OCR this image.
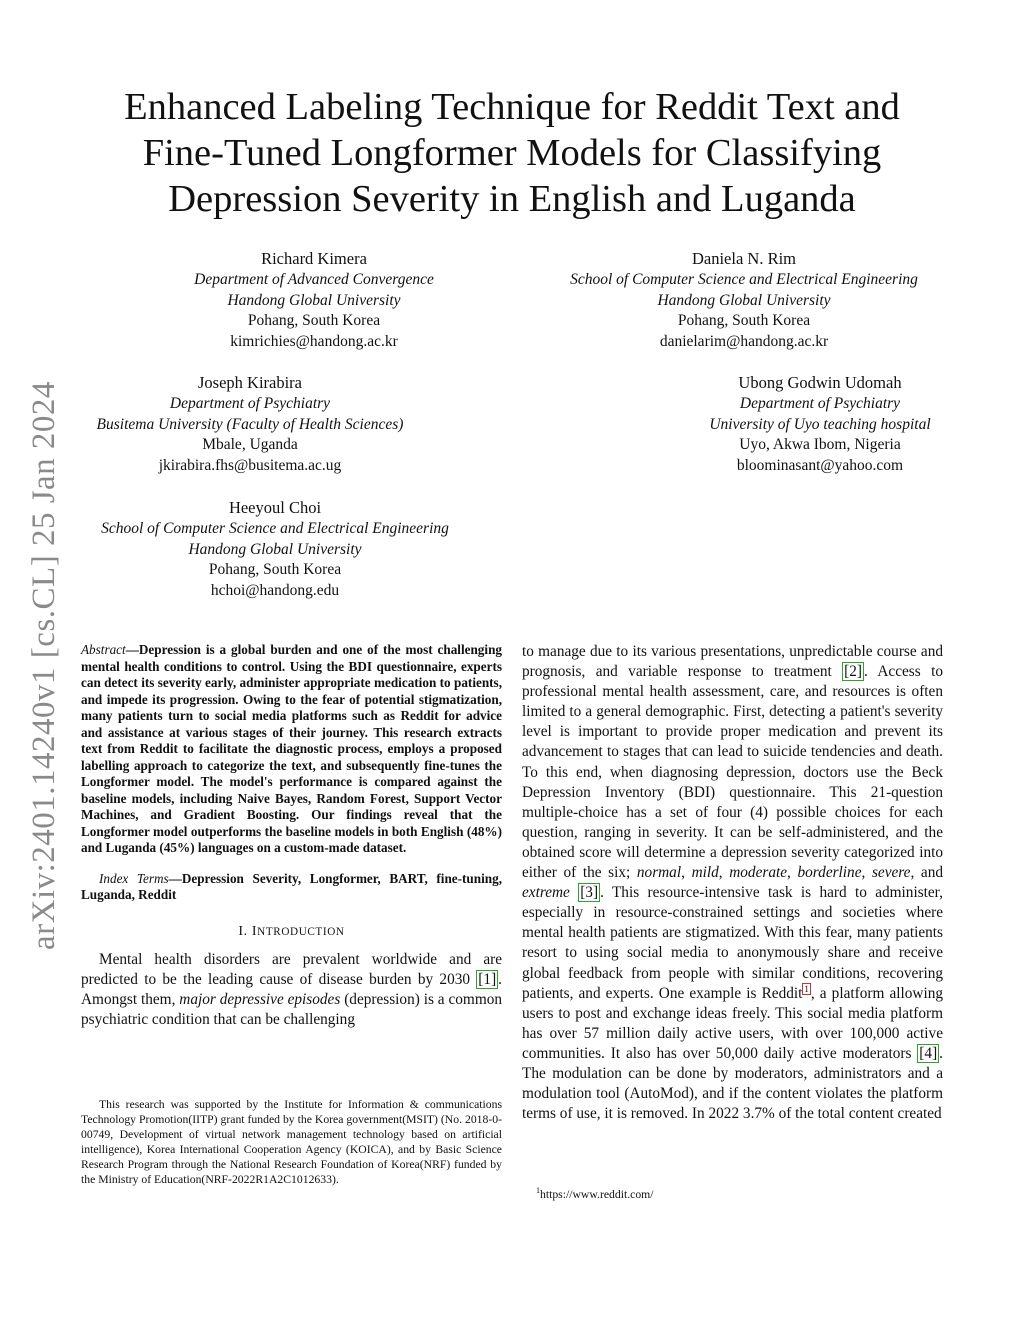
Enhanced Labeling Technique for Reddit Text and
Fine-Tuned Longformer Models for Classifying
Depression Severity in English and Luganda
Richard Kimera
Department of Advanced Convergence
Handong Global University
Pohang, South Korea
kimrichies@handong.ac.kr
Daniela N. Rim
School of Computer Science and Electrical Engineering
Handong Global University
Pohang, South Korea
danielarim@handong.ac.kr
Joseph Kirabira
Department of Psychiatry
Busitema University (Faculty of Health Sciences)
Mbale, Uganda
jkirabira.fhs@busitema.ac.ug
Ubong Godwin Udomah
Department of Psychiatry
University of Uyo teaching hospital
Uyo, Akwa Ibom, Nigeria
bloominasant@yahoo.com
Heeyoul Choi
School of Computer Science and Electrical Engineering
Handong Global University
Pohang, South Korea
hchoi@handong.edu
arXiv:2401.14240v1 [cs.CL] 25 Jan 2024 Abstract—Depression is a global burden and one of the most challenging mental health conditions to control. Using the BDI questionnaire, experts can detect its severity early, administer appropriate medication to patients, and impede its progression. Owing to the fear of potential stigmatization, many patients turn to social media platforms such as Reddit for advice and assistance at various stages of their journey. This research extracts text from Reddit to facilitate the diagnostic process, employs a proposed labelling approach to categorize the text, and subsequently fine-tunes the Longformer model. The model's performance is compared against the baseline models, including Naive Bayes, Random Forest, Support Vector Machines, and Gradient Boosting. Our findings reveal that the Longformer model outperforms the baseline models in both English (48%) and Luganda (45%) languages on a custom-made dataset.

Index Terms—Depression Severity, Longformer, BART, fine-tuning, Luganda, Reddit

I. INTRODUCTION

Mental health disorders are prevalent worldwide and are predicted to be the leading cause of disease burden by 2030 [1] . Amongst them, major depressive episodes (depression) is a common psychiatric condition that can be challenging

This research was supported by the Institute for Information & communications Technology Promotion(IITP) grant funded by the Korea government(MSIT) (No. 2018-0-00749, Development of virtual network management technology based on artificial intelligence), Korea International Cooperation Agency (KOICA), and by Basic Science Research Program through the National Research Foundation of Korea(NRF) funded by the Ministry of Education(NRF-2022R1A2C1012633).

to manage due to its various presentations, unpredictable course and prognosis, and variable response to treatment [2] . Access to professional mental health assessment, care, and resources is often limited to a general demographic. First, detecting a patient's severity level is important to provide proper medication and prevent its advancement to stages that can lead to suicide tendencies and death. To this end, when diagnosing depression, doctors use the Beck Depression Inventory (BDI) questionnaire. This 21-question multiple-choice has a set of four (4) possible choices for each question, ranging in severity. It can be self-administered, and the obtained score will determine a depression severity categorized into either of the six; normal, mild, moderate, borderline, severe, and extreme [3] . This resource-intensive task is hard to administer, especially in resource-constrained settings and societies where mental health patients are stigmatized. With this fear, many patients resort to using social media to anonymously share and receive global feedback from people with similar conditions, recovering patients, and experts. One example is Reddit $^1$ , a platform allowing users to post and exchange ideas freely. This social media platform has over 57 million daily active users, with over 100,000 active communities. It also has over 50,000 daily active moderators [4] . The modulation can be done by moderators, administrators and a modulation tool (AutoMod), and if the content violates the platform terms of use, it is removed. In 2022 3.7% of the total content created

$^1$https://www.reddit.com/
